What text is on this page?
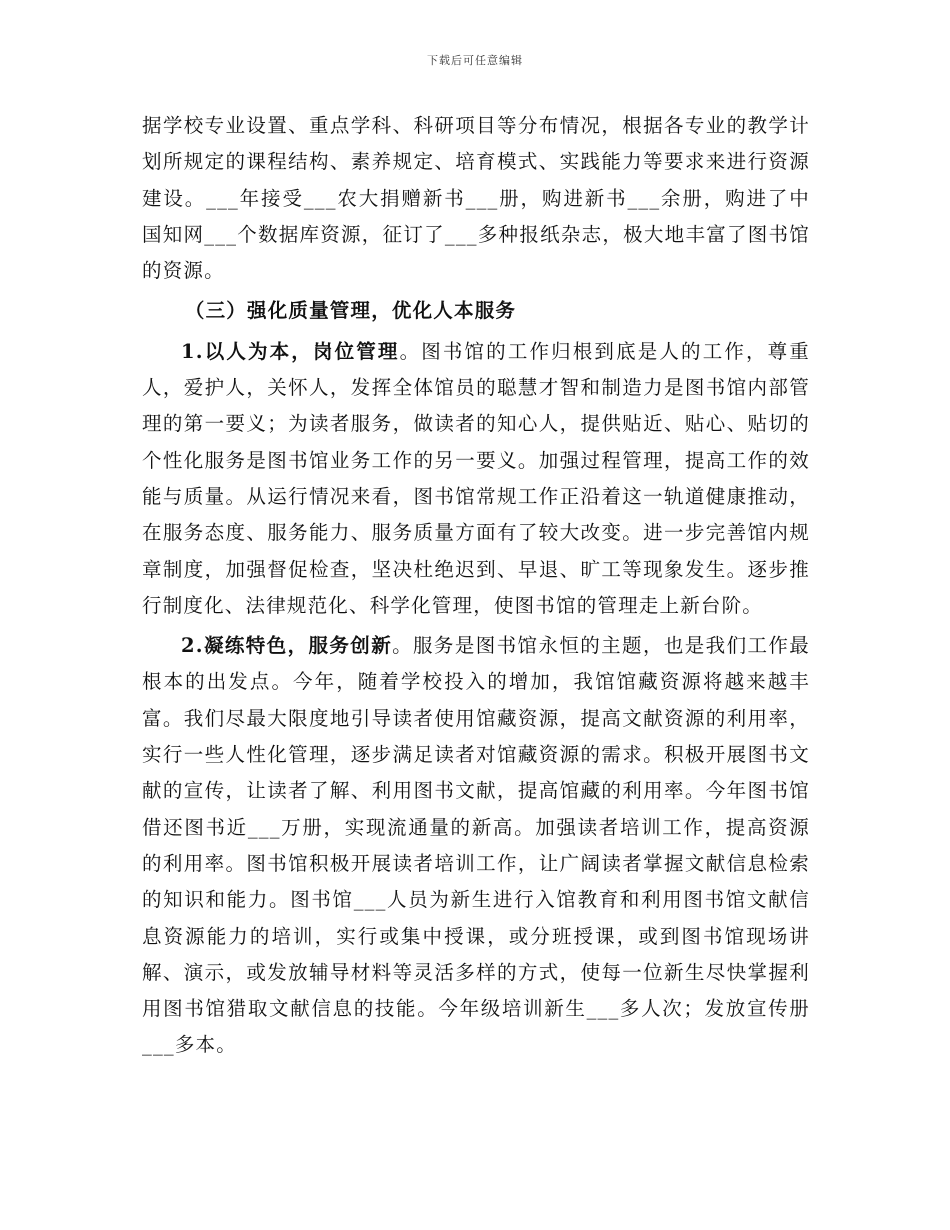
下载后可任意编辑

据学校专业设置、重点学科、科研项目等分布情况，根据各专业的教学计划所规定的课程结构、素养规定、培育模式、实践能力等要求来进行资源建设。___年接受___农大捐赠新书___册，购进新书___余册，购进了中国知网___个数据库资源，征订了___多种报纸杂志，极大地丰富了图书馆的资源。

（三）强化质量管理，优化人本服务

1.以人为本，岗位管理。图书馆的工作归根到底是人的工作，尊重人，爱护人，关怀人，发挥全体馆员的聪慧才智和制造力是图书馆内部管理的第一要义；为读者服务，做读者的知心人，提供贴近、贴心、贴切的个性化服务是图书馆业务工作的另一要义。加强过程管理，提高工作的效能与质量。从运行情况来看，图书馆常规工作正沿着这一轨道健康推动，在服务态度、服务能力、服务质量方面有了较大改变。进一步完善馆内规章制度，加强督促检查，坚决杜绝迟到、早退、旷工等现象发生。逐步推行制度化、法律规范化、科学化管理，使图书馆的管理走上新台阶。

2.凝练特色，服务创新。服务是图书馆永恒的主题，也是我们工作最根本的出发点。今年，随着学校投入的增加，我馆馆藏资源将越来越丰富。我们尽最大限度地引导读者使用馆藏资源，提高文献资源的利用率，实行一些人性化管理，逐步满足读者对馆藏资源的需求。积极开展图书文献的宣传，让读者了解、利用图书文献，提高馆藏的利用率。今年图书馆借还图书近___万册，实现流通量的新高。加强读者培训工作，提高资源的利用率。图书馆积极开展读者培训工作，让广阔读者掌握文献信息检索的知识和能力。图书馆___人员为新生进行入馆教育和利用图书馆文献信息资源能力的培训，实行或集中授课，或分班授课，或到图书馆现场讲解、演示，或发放辅导材料等灵活多样的方式，使每一位新生尽快掌握利用图书馆猎取文献信息的技能。今年级培训新生___多人次；发放宣传册___多本。
